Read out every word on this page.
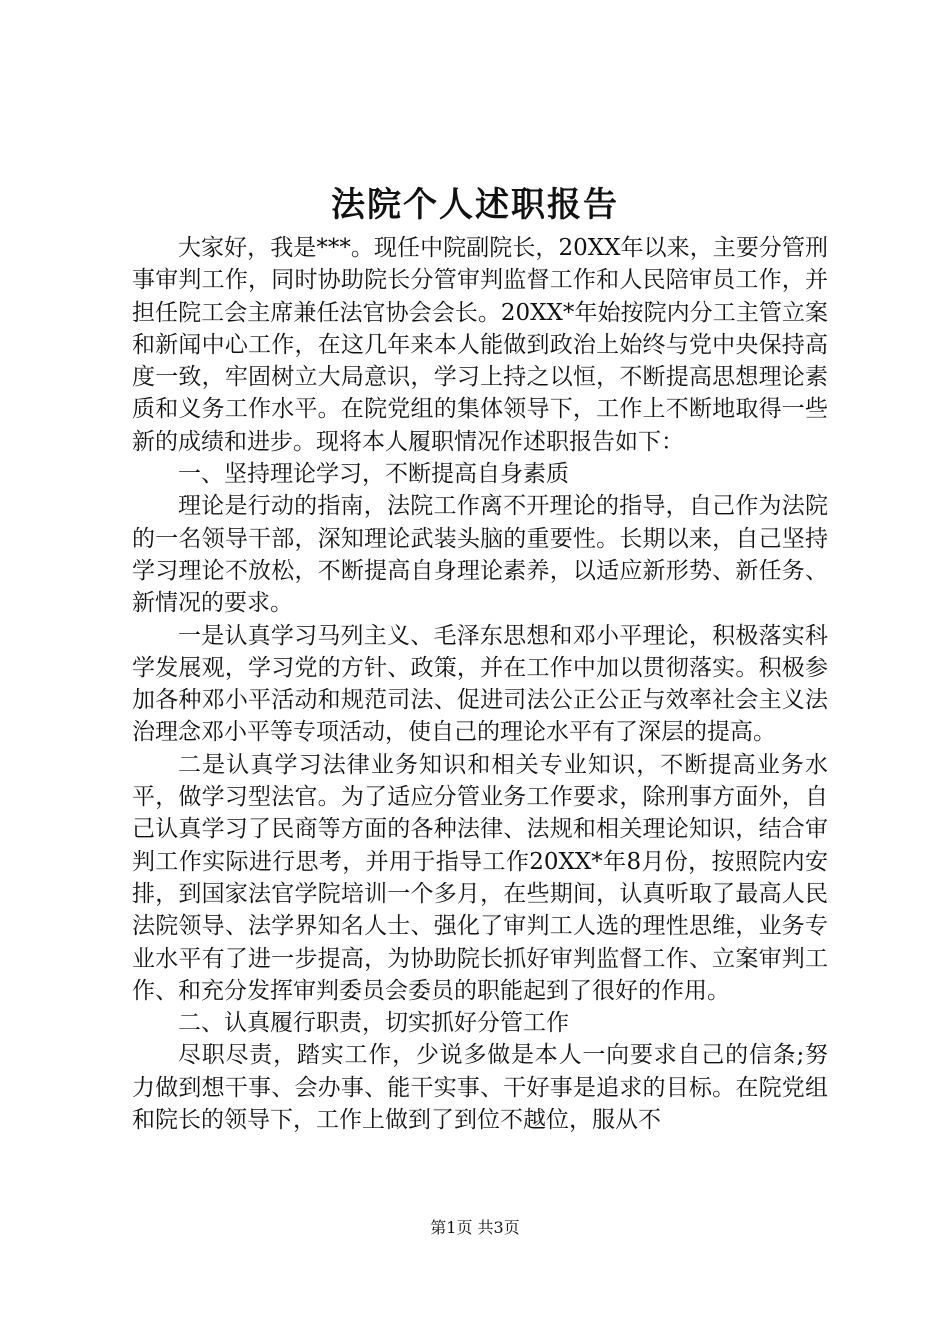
法院个人述职报告

大家好，我是***。现任中院副院长，20XX年以来，主要分管刑事审判工作，同时协助院长分管审判监督工作和人民陪审员工作，并担任院工会主席兼任法官协会会长。20XX*年始按院内分工主管立案和新闻中心工作，在这几年来本人能做到政治上始终与党中央保持高度一致，牢固树立大局意识，学习上持之以恒，不断提高思想理论素质和义务工作水平。在院党组的集体领导下，工作上不断地取得一些新的成绩和进步。现将本人履职情况作述职报告如下：

一、坚持理论学习，不断提高自身素质

理论是行动的指南，法院工作离不开理论的指导，自己作为法院的一名领导干部，深知理论武装头脑的重要性。长期以来，自己坚持学习理论不放松，不断提高自身理论素养，以适应新形势、新任务、新情况的要求。

一是认真学习马列主义、毛泽东思想和邓小平理论，积极落实科学发展观，学习党的方针、政策，并在工作中加以贯彻落实。积极参加各种邓小平活动和规范司法、促进司法公正公正与效率社会主义法治理念邓小平等专项活动，使自己的理论水平有了深层的提高。

二是认真学习法律业务知识和相关专业知识，不断提高业务水平，做学习型法官。为了适应分管业务工作要求，除刑事方面外，自己认真学习了民商等方面的各种法律、法规和相关理论知识，结合审判工作实际进行思考，并用于指导工作20XX*年8月份，按照院内安排，到国家法官学院培训一个多月，在些期间，认真听取了最高人民法院领导、法学界知名人士、强化了审判工人选的理性思维，业务专业水平有了进一步提高，为协助院长抓好审判监督工作、立案审判工作、和充分发挥审判委员会委员的职能起到了很好的作用。

二、认真履行职责，切实抓好分管工作

尽职尽责，踏实工作，少说多做是本人一向要求自己的信条;努力做到想干事、会办事、能干实事、干好事是追求的目标。在院党组和院长的领导下，工作上做到了到位不越位，服从不

第1页 共3页
